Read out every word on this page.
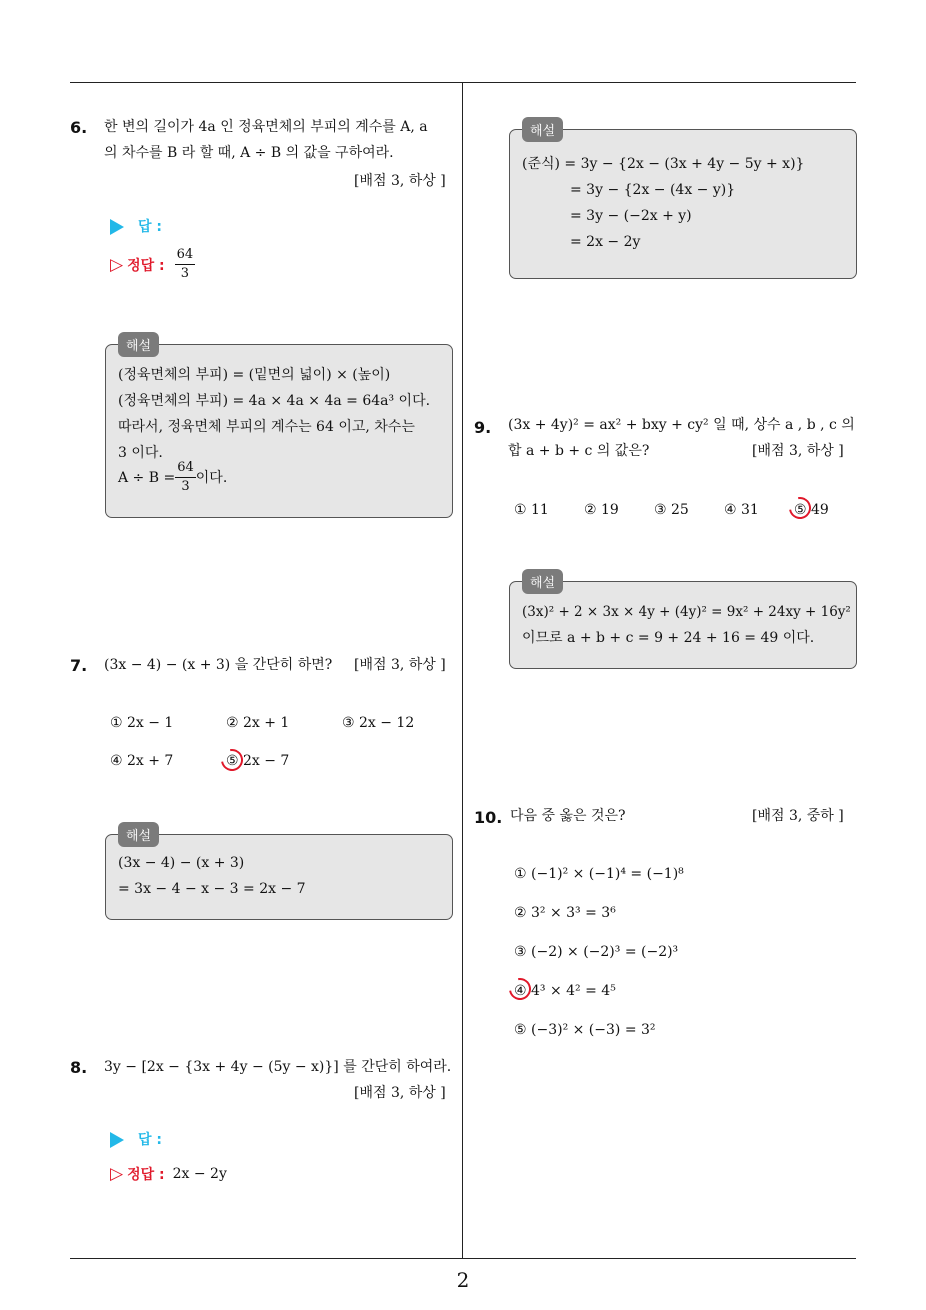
6. 한 변의 길이가 4a 인 정육면체의 부피의 계수를 A, a
의 차수를 B 라 할 때, A ÷ B 의 값을 구하여라.
[배점 3, 하상 ]
답 :
▷ 정답 : $\frac{64}{3}$
해설
(정육면체의 부피) = (밑면의 넓이) × (높이)
(정육면체의 부피) = 4a × 4a × 4a = 64a³ 이다.
따라서, 정육면체 부피의 계수는 64 이고, 차수는
3 이다.
$A \div B = \frac{64}{3}$ 이다.
7. (3x − 4) − (x + 3) 을 간단히 하면? [배점 3, 하상 ]
① 2x − 1	② 2x + 1	③ 2x − 12
④ 2x + 7	⑤ 2x − 7
해설
(3x − 4) − (x + 3)
= 3x − 4 − x − 3 = 2x − 7
8. 3y − [2x − {3x + 4y − (5y − x)}] 를 간단히 하여라.
[배점 3, 하상 ]
답 :
▷ 정답 : 2x − 2y
해설
(준식) = 3y − {2x − (3x + 4y − 5y + x)}
= 3y − {2x − (4x − y)}
= 3y − (−2x + y)
= 2x − 2y
9. (3x + 4y)² = ax² + bxy + cy² 일 때, 상수 a , b , c 의
합 a + b + c 의 값은?	[배점 3, 하상 ]
① 11	② 19	③ 25	④ 31	⑤ 49
해설
(3x)² + 2 × 3x × 4y + (4y)² = 9x² + 24xy + 16y²
이므로 a + b + c = 9 + 24 + 16 = 49 이다.
10. 다음 중 옳은 것은?	[배점 3, 중하 ]
① (−1)² × (−1)⁴ = (−1)⁸
② 3² × 3³ = 3⁶
③ (−2) × (−2)³ = (−2)³
④ 4³ × 4² = 4⁵
⑤ (−3)² × (−3) = 3²
2
